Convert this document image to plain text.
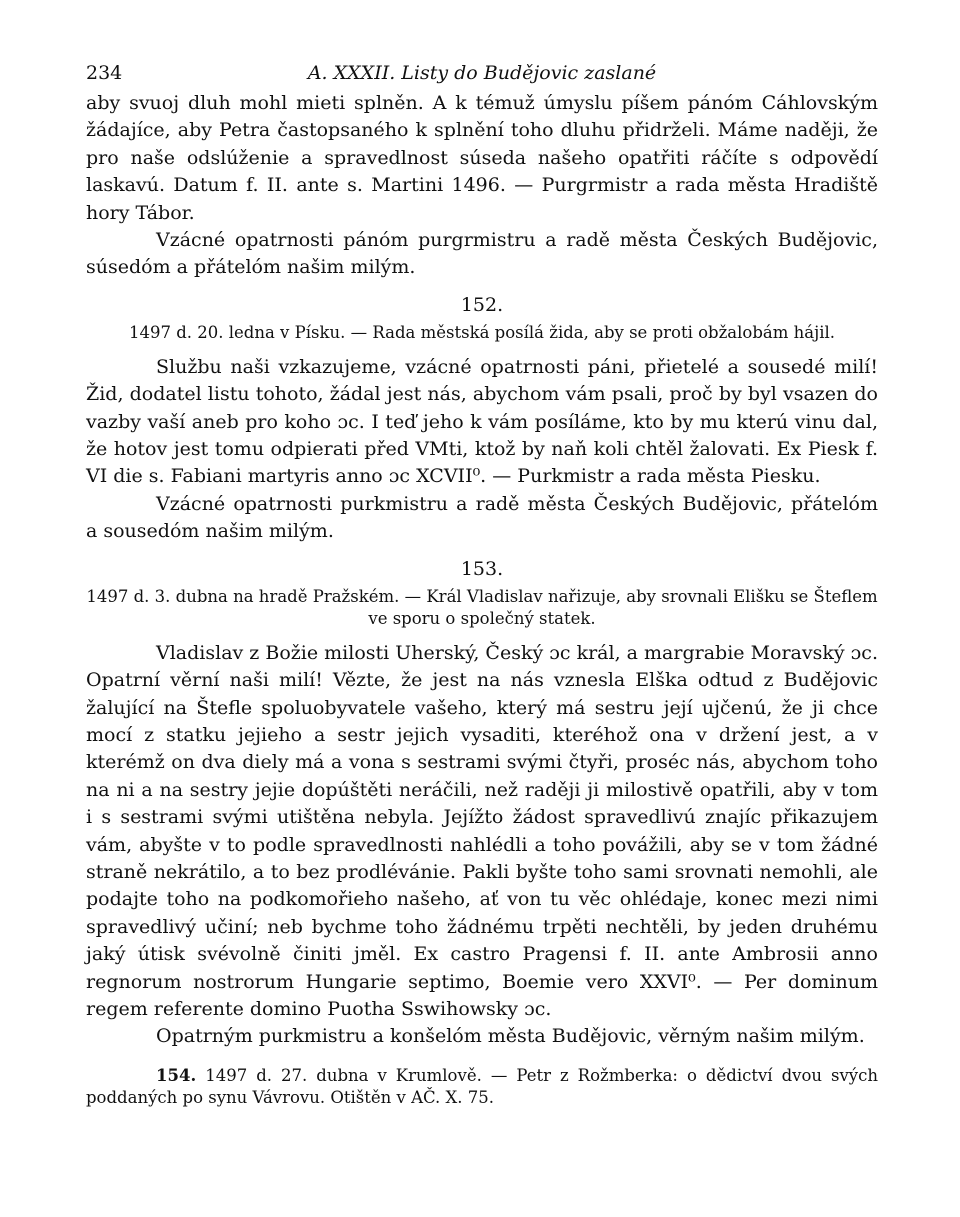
234	A. XXXII. Listy do Budějovic zaslané

aby svuoj dluh mohl mieti splněn. A k témuž úmyslu píšem pánóm Cáhlovským žádajíce, aby Petra častopsaného k splnění toho dluhu přidrželi. Máme naději, že pro naše odslúženie a spravedlnost súseda našeho opatřiti ráčíte s odpovědí laskavú. Datum f. II. ante s. Martini 1496. — Purgrmistr a rada města Hradiště hory Tábor.

Vzácné opatrnosti pánóm purgrmistru a radě města Českých Budějovic, súsedóm a přátelóm našim milým.

152.
1497 d. 20. ledna v Písku. — Rada městská posílá žida, aby se proti obžalobám hájil.

Službu naši vzkazujeme, vzácné opatrnosti páni, přietelé a sousedé milí! Žid, dodatel listu tohoto, žádal jest nás, abychom vám psali, proč by byl vsazen do vazby vaší aneb pro koho ɔc. I teď jeho k vám posíláme, kto by mu kterú vinu dal, že hotov jest tomu odpierati před VMti, ktož by naň koli chtěl žalovati. Ex Piesk f. VI die s. Fabiani martyris anno ɔc XCVII⁰. — Purkmistr a rada města Piesku.

Vzácné opatrnosti purkmistru a radě města Českých Budějovic, přátelóm a sousedóm našim milým.

153.
1497 d. 3. dubna na hradě Pražském. — Král Vladislav nařizuje, aby srovnali Elišku se Šteflem ve sporu o společný statek.

Vladislav z Božie milosti Uherský, Český ɔc král, a margrabie Moravský ɔc. Opatrní věrní naši milí! Vězte, že jest na nás vznesla Elška odtud z Budějovic žalující na Štefle spoluobyvatele vašeho, který má sestru její ujčenú, že ji chce mocí z statku jejieho a sestr jejich vysaditi, kteréhož ona v držení jest, a v kterémž on dva diely má a vona s sestrami svými čtyři, proséc nás, abychom toho na ni a na sestry jejie dopúštěti neráčili, než raději ji milostivě opatřili, aby v tom i s sestrami svými utištěna nebyla. Jejížto žádost spravedlivú znajíc přikazujem vám, abyšte v to podle spravedlnosti nahlédli a toho povážili, aby se v tom žádné straně nekrátilo, a to bez prodlévánie. Pakli byšte toho sami srovnati nemohli, ale podajte toho na podkomořieho našeho, ať von tu věc ohlédaje, konec mezi nimi spravedlivý učiní; neb bychme toho žádnému trpěti nechtěli, by jeden druhému jaký útisk svévolně činiti jměl. Ex castro Pragensi f. II. ante Ambrosii anno regnorum nostrorum Hungarie septimo, Boemie vero XXVI⁰. — Per dominum regem referente domino Puotha Sswihowsky ɔc.

Opatrným purkmistru a konšelóm města Budějovic, věrným našim milým.

154. 1497 d. 27. dubna v Krumlově. — Petr z Rožmberka: o dědictví dvou svých poddaných po synu Vávrovu. Otištěn v AČ. X. 75.
